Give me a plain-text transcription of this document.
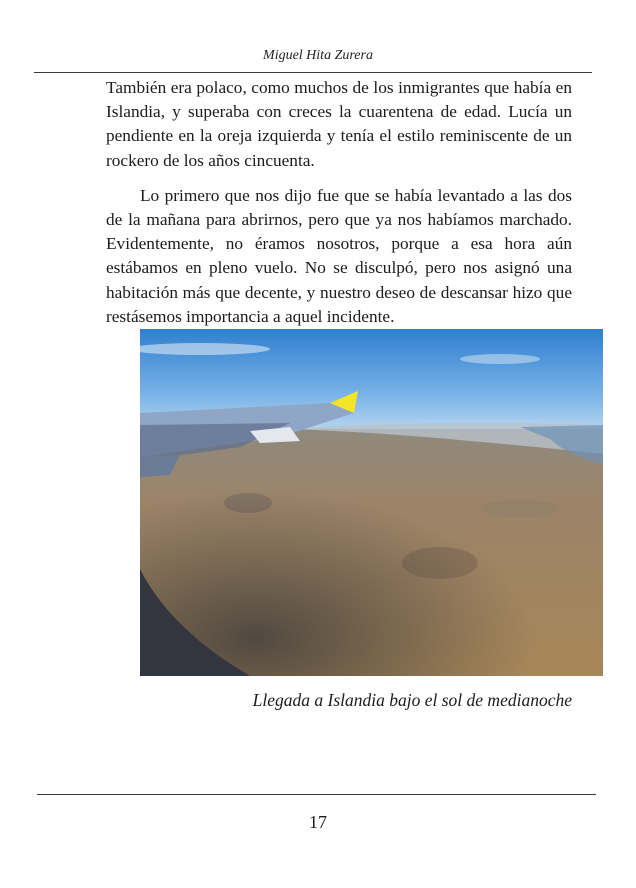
Miguel Hita Zurera

También era polaco, como muchos de los inmigrantes que había en Islandia, y superaba con creces la cuarentena de edad. Lucía un pendiente en la oreja izquierda y tenía el estilo reminiscente de un rockero de los años cincuenta.

Lo primero que nos dijo fue que se había levantado a las dos de la mañana para abrirnos, pero que ya nos habíamos marchado. Evidentemente, no éramos nosotros, porque a esa hora aún estábamos en pleno vuelo. No se disculpó, pero nos asignó una habitación más que decente, y nuestro deseo de descansar hizo que restásemos importancia a aquel incidente.

Llegada a Islandia bajo el sol de medianoche
17
